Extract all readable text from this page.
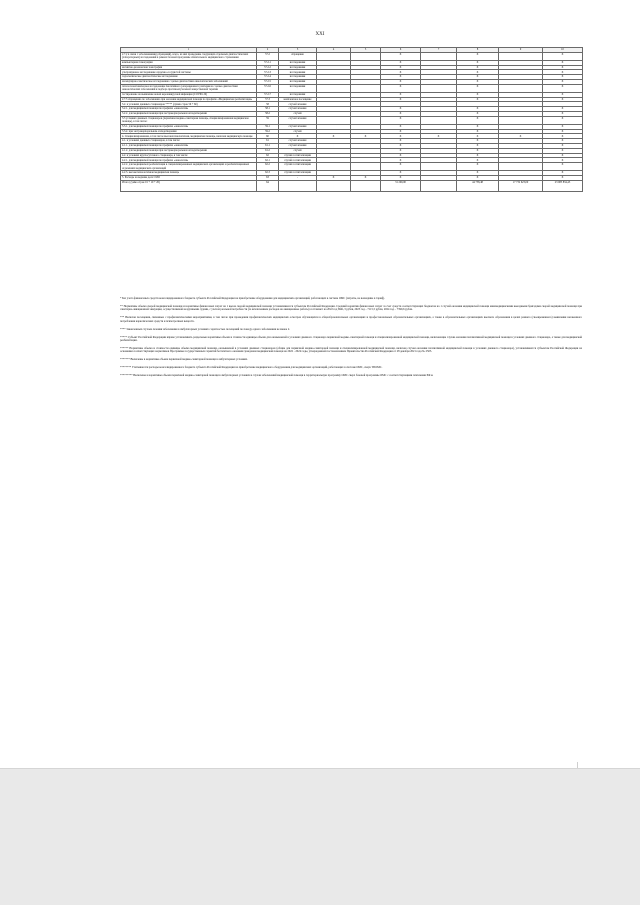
XXI
1	2	3	4	5	6	7	8	9	10	
2.7.2 в связи с заболеваниями (обращений), всего, из них проведение следующих отдельных диагностических (лабораторных) исследований в рамках базовой программы обязательного медицинского страхования	57.2	обращение			X		X		X	
компьютерная томография	57.2.1	исследования			X		X		X	
магнитно-резонансная томография	57.2.2	исследования			X		X		X	
ультразвуковое исследование сердечно-сосудистой системы	57.2.3	исследования			X		X		X	
эндоскопическое диагностическое исследование	57.2.4	исследования			X		X		X	
молекулярно-генетическое исследование с целью диагностики онкологических заболеваний	57.2.5	исследования			X		X		X	
патологоанатомическое исследование биопсийного (операционного) материала с целью диагностики онкологических заболеваний и подбора противоопухолевой лекарственной терапии	57.2.6	исследования			X		X		X	
тестирование на выявление новой коронавирусной инфекции (COVID-19)	57.2.7	исследования			X		X		X	
2.7.3 обращению по заболеванию при оказании медицинской помощи по профилю «Медицинская реабилитация»	57.3	комплексное посещение			X		X		X	
3.2. в условиях дневных стационаров ***** (сумма строк 59 + 60)	58	случай лечения								
3.2.1. для медицинской помощи по профилю «онкология»	58.1	случай лечения			X		X		X	
3.2.2. для медицинской помощи при экстракорпоральном оплодотворении	58.2	случай			X		X		X	
3.3 условиях дневных стационаров (первичная медико-санитарная помощь, специализированная медицинская помощь), в том числе:	59	случай лечения			X		X		X	
3.3.1. для медицинской помощи по профилю «онкология»	59.1	случай лечения			X		X		X	
3.3.2. при экстракорпоральном оплодотворении	59.2	случай			X		X		X	
4. Специализированная, в том числе высокотехнологичная, медицинская помощь, включая медицинскую помощь:	60	X	X	X	X	X	X	X	X	
4.1. в условиях дневных стационаров, в том числе:	61	случай лечения			X		X		X	
4.1.1. для медицинской помощи по профилю «онкология»	61.1	случай лечения			X		X		X	
4.1.2. для медицинской помощи при экстракорпоральном оплодотворении	61.2	случай			X		X		X	
4.2. в условиях круглосуточного стационара, в том числе:	62	случай госпитализации			X		X		X	
4.2.1. для медицинской помощи по профилю «онкология»	62.1	случай госпитализации			X		X		X	
4.2.2. для медицинской реабилитации в специализированных медицинских организациях и реабилитационных отделениях медицинских организаций	62.2	случай госпитализации			X		X		X	
4.2.3. высокотехнологичная медицинская помощь	62.3	случай госпитализации			X		X		X	
5. Расходы на ведение дела СМО	63	-	X	X	X		X		X	
Итого (сумма строк 01 + 19 + 20)	64				31 209,00		44 758,48	17 732 623,00	23 985 834,43	

* Без учета финансовых средств консолидированного бюджета субъекта Российской Федерации на приобретение оборудования для медицинских организаций, работающих в системе ОМС (затраты, не вошедшие в тариф).

** Нормативы объема скорой медицинской помощи и нормативы финансовых затрат на 1 вызов скорой медицинской помощи устанавливаются субъектом Российской Федерации. Средний норматив финансовых затрат за счет средств соответствующих бюджетов на 1 случай оказания медицинской помощи авиамедицинскими выездными бригадами скорой медицинской помощи при санитарно-авиационной эвакуации, осуществляемой воздушными судами, с учетом реальной потребности (за исключением расходов на авиационные работы) составляет на 2022 год 6941,3 рубля, 2023 год – 7115,5 рубля, 2024 год – 7399,6 рубля.

*** Включая посещения, связанные с профилактическими мероприятиями, в том числе при проведении профилактических медицинских осмотров обучающихся в общеобразовательных организациях и профессиональных образовательных организациях, а также в образовательных организациях высшего образования в целях раннего (своевременного) выявления незаконного потребления наркотических средств и психотропных веществ.

**** Законченных случаев лечения заболевания в амбулаторных условиях с кратностью посещений по поводу одного заболевания не менее 2.

***** Субъект Российской Федерации вправе устанавливать раздельные нормативы объема и стоимости единицы объема для оказываемой в условиях дневного стационара первичной медико-санитарной помощи и специализированной медицинской помощи, включающие случаи оказания паллиативной медицинской помощи в условиях дневного стационара, а также для медицинской реабилитации.

****** Нормативы объема и стоимости единицы объема медицинской помощи, оказываемой в условиях дневных стационаров (общие для первичной медико-санитарной помощи и специализированной медицинской помощи, включая случаи оказания паллиативной медицинской помощи в условиях дневного стационара), устанавливаются субъектом Российской Федерации на основании соответствующих нормативов Программы государственных гарантий бесплатного оказания гражданам медицинской помощи на 2022 - 2024 годы, утвержденной постановлением Правительства Российской Федерации от 28 декабря 2021 года № 2505.

******* Включены в нормативы объема первичной медико-санитарной помощи в амбулаторных условиях.

******** Учитываются расходы консолидированного бюджета субъекта Российской Федерации на приобретение медицинского оборудования для медицинских организаций, работающих в системе ОМС, сверх ТПОМС.

********* Включены в нормативы объема первичной медико-санитарной помощи в амбулаторных условиях и случаи заболеваний медицинской помощи в территориальную программу ОМС сверх базовой программы ОМС с соответствующими платежами РФ и.
